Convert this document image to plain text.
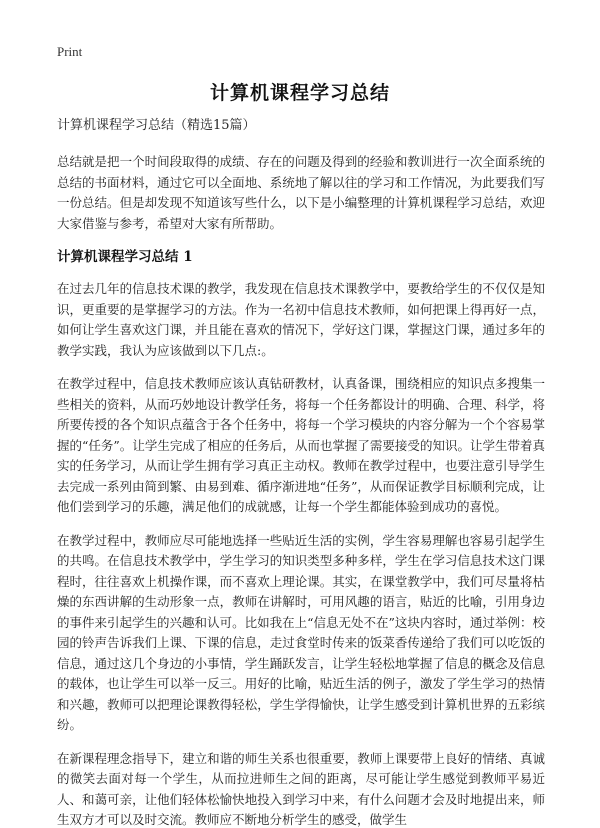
Print
计算机课程学习总结

计算机课程学习总结（精选15篇）

总结就是把一个时间段取得的成绩、存在的问题及得到的经验和教训进行一次全面系统的总结的书面材料，通过它可以全面地、系统地了解以往的学习和工作情况，为此要我们写一份总结。但是却发现不知道该写些什么，以下是小编整理的计算机课程学习总结，欢迎大家借鉴与参考，希望对大家有所帮助。

计算机课程学习总结 1

在过去几年的信息技术课的教学，我发现在信息技术课教学中，要教给学生的不仅仅是知识，更重要的是掌握学习的方法。作为一名初中信息技术教师，如何把课上得再好一点，如何让学生喜欢这门课，并且能在喜欢的情况下，学好这门课，掌握这门课，通过多年的教学实践，我认为应该做到以下几点:。

在教学过程中，信息技术教师应该认真钻研教材，认真备课，围绕相应的知识点多搜集一些相关的资料，从而巧妙地设计教学任务，将每一个任务都设计的明确、合理、科学，将所要传授的各个知识点蕴含于各个任务中，将每一个学习模块的内容分解为一个个容易掌握的“任务”。让学生完成了相应的任务后，从而也掌握了需要接受的知识。让学生带着真实的任务学习，从而让学生拥有学习真正主动权。教师在教学过程中，也要注意引导学生去完成一系列由简到繁、由易到难、循序渐进地“任务”，从而保证教学目标顺利完成，让他们尝到学习的乐趣，满足他们的成就感，让每一个学生都能体验到成功的喜悦。

在教学过程中，教师应尽可能地选择一些贴近生活的实例，学生容易理解也容易引起学生的共鸣。在信息技术教学中，学生学习的知识类型多种多样，学生在学习信息技术这门课程时，往往喜欢上机操作课，而不喜欢上理论课。其实，在课堂教学中，我们可尽量将枯燥的东西讲解的生动形象一点，教师在讲解时，可用风趣的语言，贴近的比喻，引用身边的事件来引起学生的兴趣和认可。比如我在上“信息无处不在”这块内容时，通过举例：校园的铃声告诉我们上课、下课的信息，走过食堂时传来的饭菜香传递给了我们可以吃饭的信息，通过这几个身边的小事情，学生踊跃发言，让学生轻松地掌握了信息的概念及信息的载体，也让学生可以举一反三。用好的比喻，贴近生活的例子，激发了学生学习的热情和兴趣，教师可以把理论课教得轻松，学生学得愉快，让学生感受到计算机世界的五彩缤纷。

在新课程理念指导下，建立和谐的师生关系也很重要，教师上课要带上良好的情绪、真诚的微笑去面对每一个学生，从而拉进师生之间的距离，尽可能让学生感觉到教师平易近人、和蔼可亲，让他们轻体松愉快地投入到学习中来，有什么问题才会及时地提出来，师生双方才可以及时交流。教师应不断地分析学生的感受，做学生
